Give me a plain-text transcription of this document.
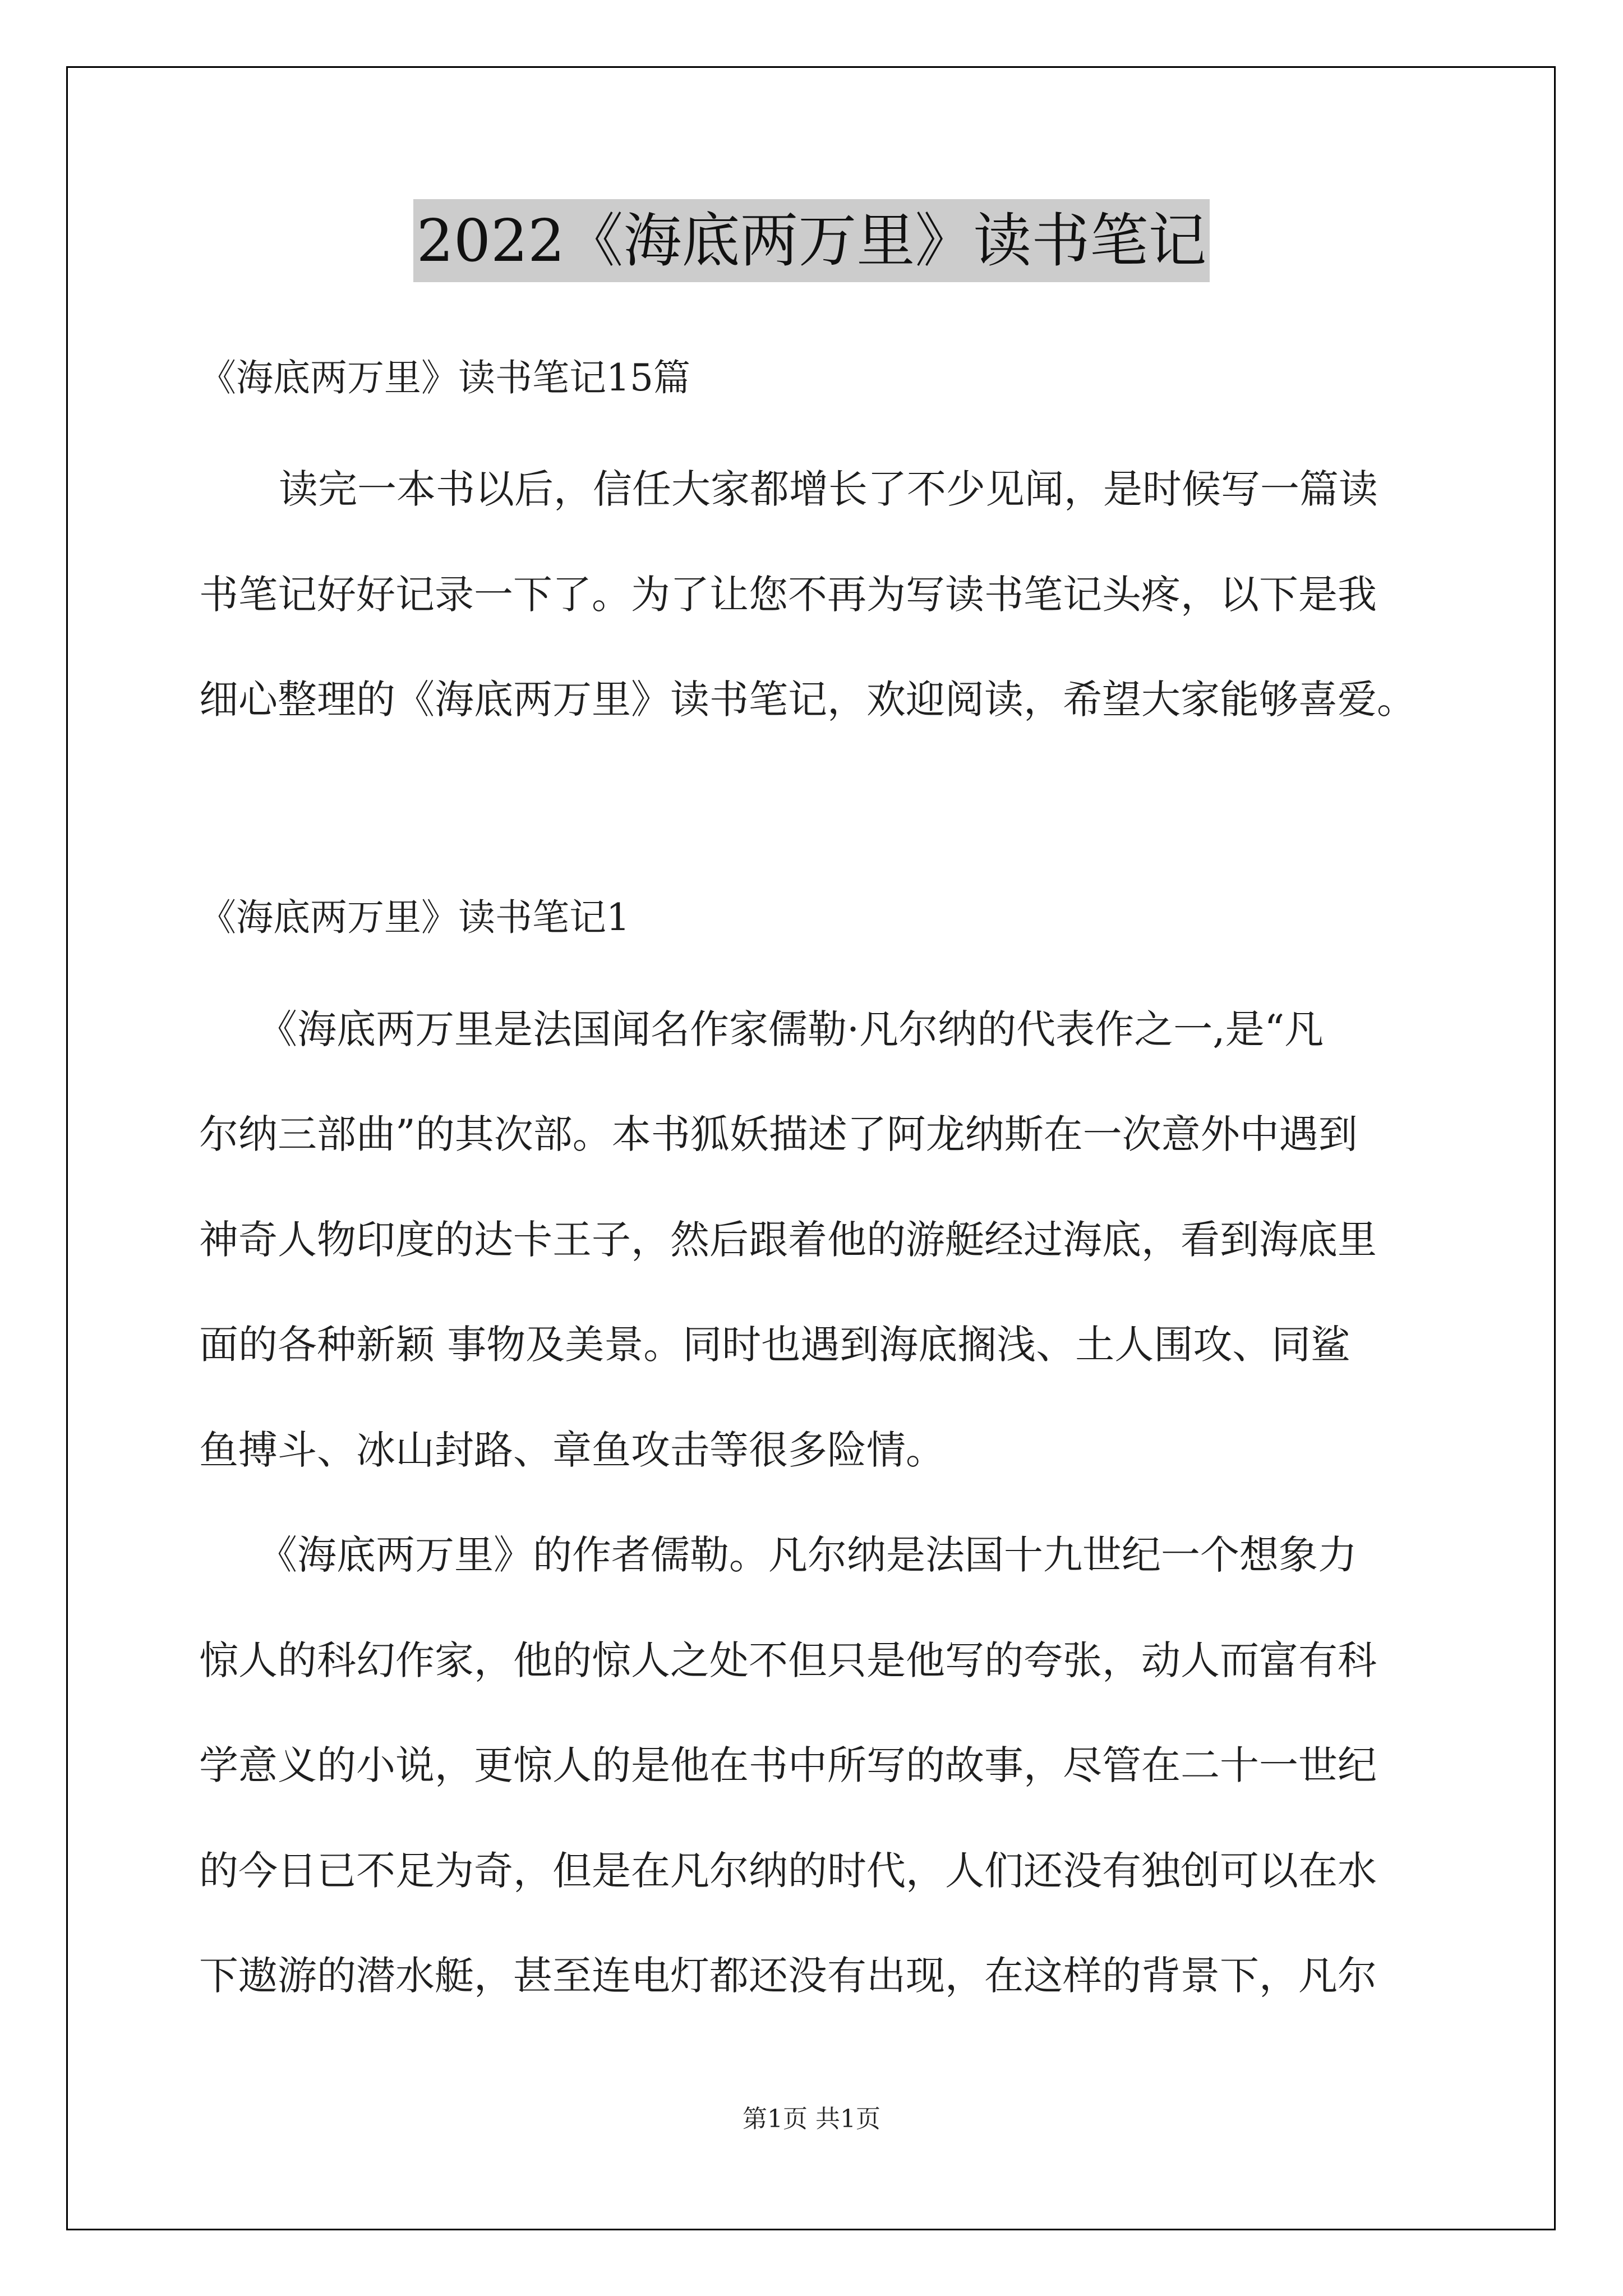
2022《海底两万里》读书笔记
《海底两万里》读书笔记15篇
读完一本书以后，信任大家都增长了不少见闻，是时候写一篇读
书笔记好好记录一下了。为了让您不再为写读书笔记头疼，以下是我
细心整理的《海底两万里》读书笔记，欢迎阅读，希望大家能够喜爱。
《海底两万里》读书笔记1
《海底两万里是法国闻名作家儒勒·凡尔纳的代表作之一,是“凡
尔纳三部曲”的其次部。本书狐妖描述了阿龙纳斯在一次意外中遇到
神奇人物印度的达卡王子，然后跟着他的游艇经过海底，看到海底里
面的各种新颖 事物及美景。同时也遇到海底搁浅、土人围攻、同鲨
鱼搏斗、冰山封路、章鱼攻击等很多险情。
《海底两万里》的作者儒勒。凡尔纳是法国十九世纪一个想象力
惊人的科幻作家，他的惊人之处不但只是他写的夸张，动人而富有科
学意义的小说，更惊人的是他在书中所写的故事，尽管在二十一世纪
的今日已不足为奇，但是在凡尔纳的时代，人们还没有独创可以在水
下遨游的潜水艇，甚至连电灯都还没有出现，在这样的背景下，凡尔
第1页 共1页
